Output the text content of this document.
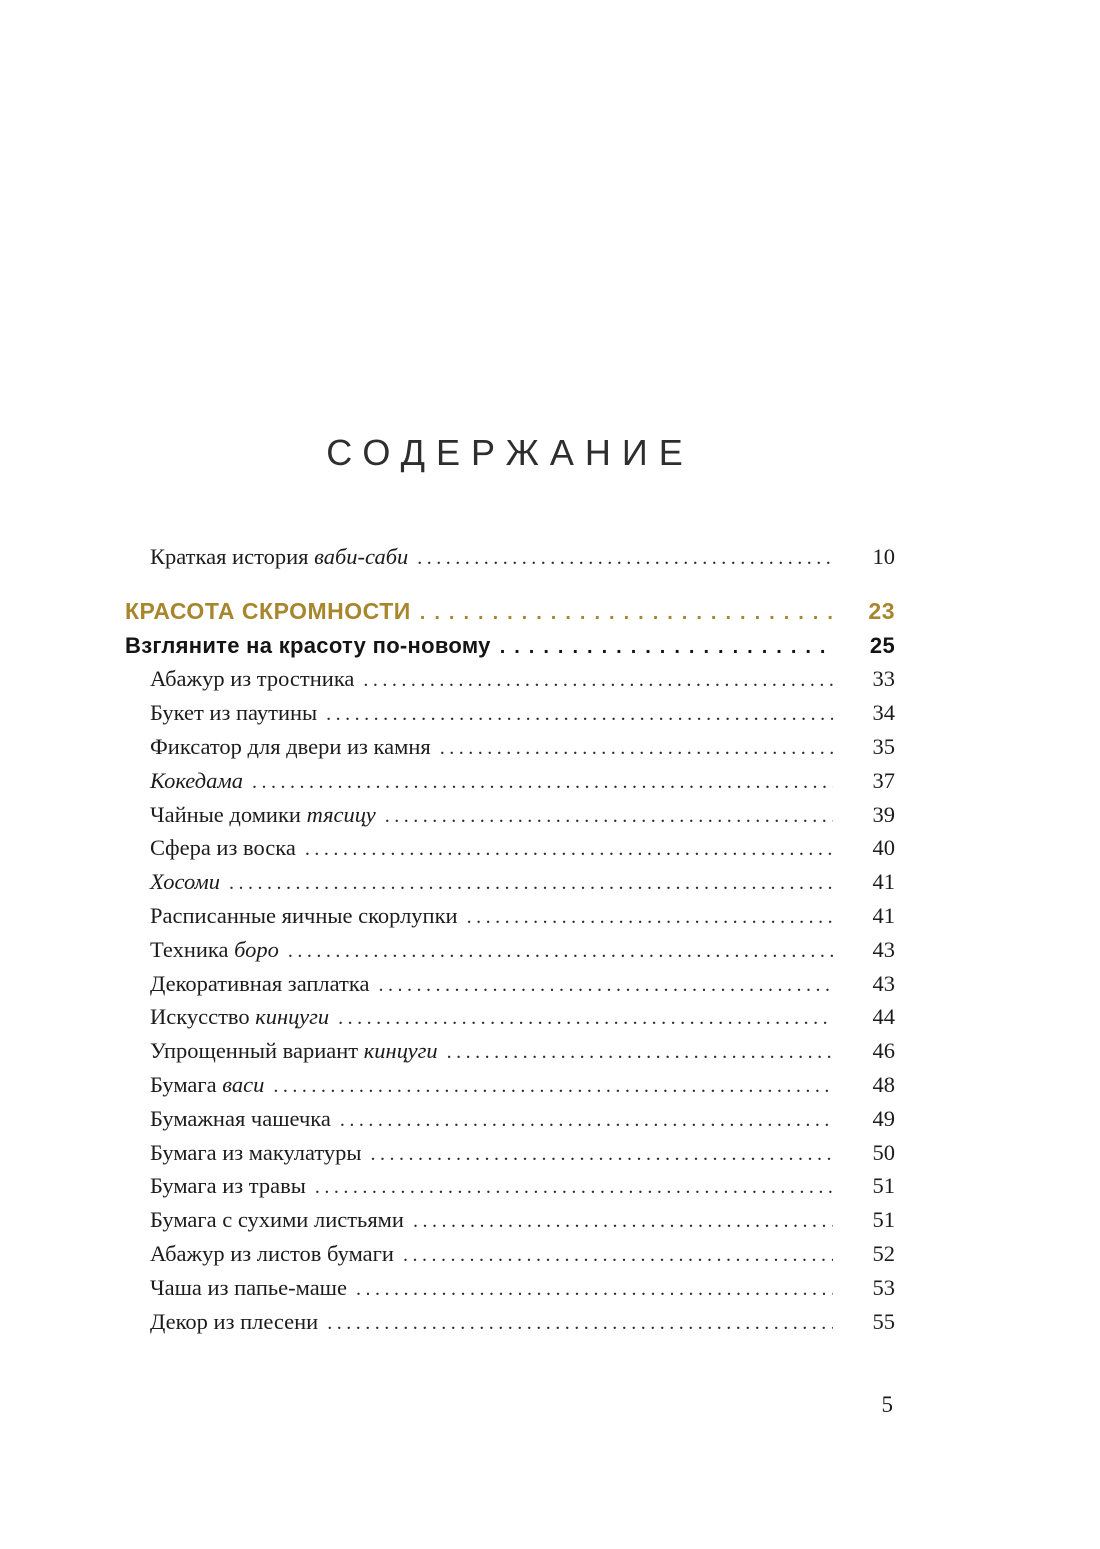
СОДЕРЖАНИЕ
Краткая история ваби-саби .....	10
КРАСОТА СКРОМНОСТИ .....	23
Взгляните на красоту по-новому .....	25
Абажур из тростника .....	33
Букет из паутины .....	34
Фиксатор для двери из камня .....	35
Кокедама .....	37
Чайные домики тясицу .....	39
Сфера из воска .....	40
Хосоми .....	41
Расписанные яичные скорлупки .....	41
Техника боро .....	43
Декоративная заплатка .....	43
Искусство кинцуги .....	44
Упрощенный вариант кинцуги .....	46
Бумага васи .....	48
Бумажная чашечка .....	49
Бумага из макулатуры .....	50
Бумага из травы .....	51
Бумага с сухими листьями .....	51
Абажур из листов бумаги .....	52
Чаша из папье-маше .....	53
Декор из плесени .....	55
5
